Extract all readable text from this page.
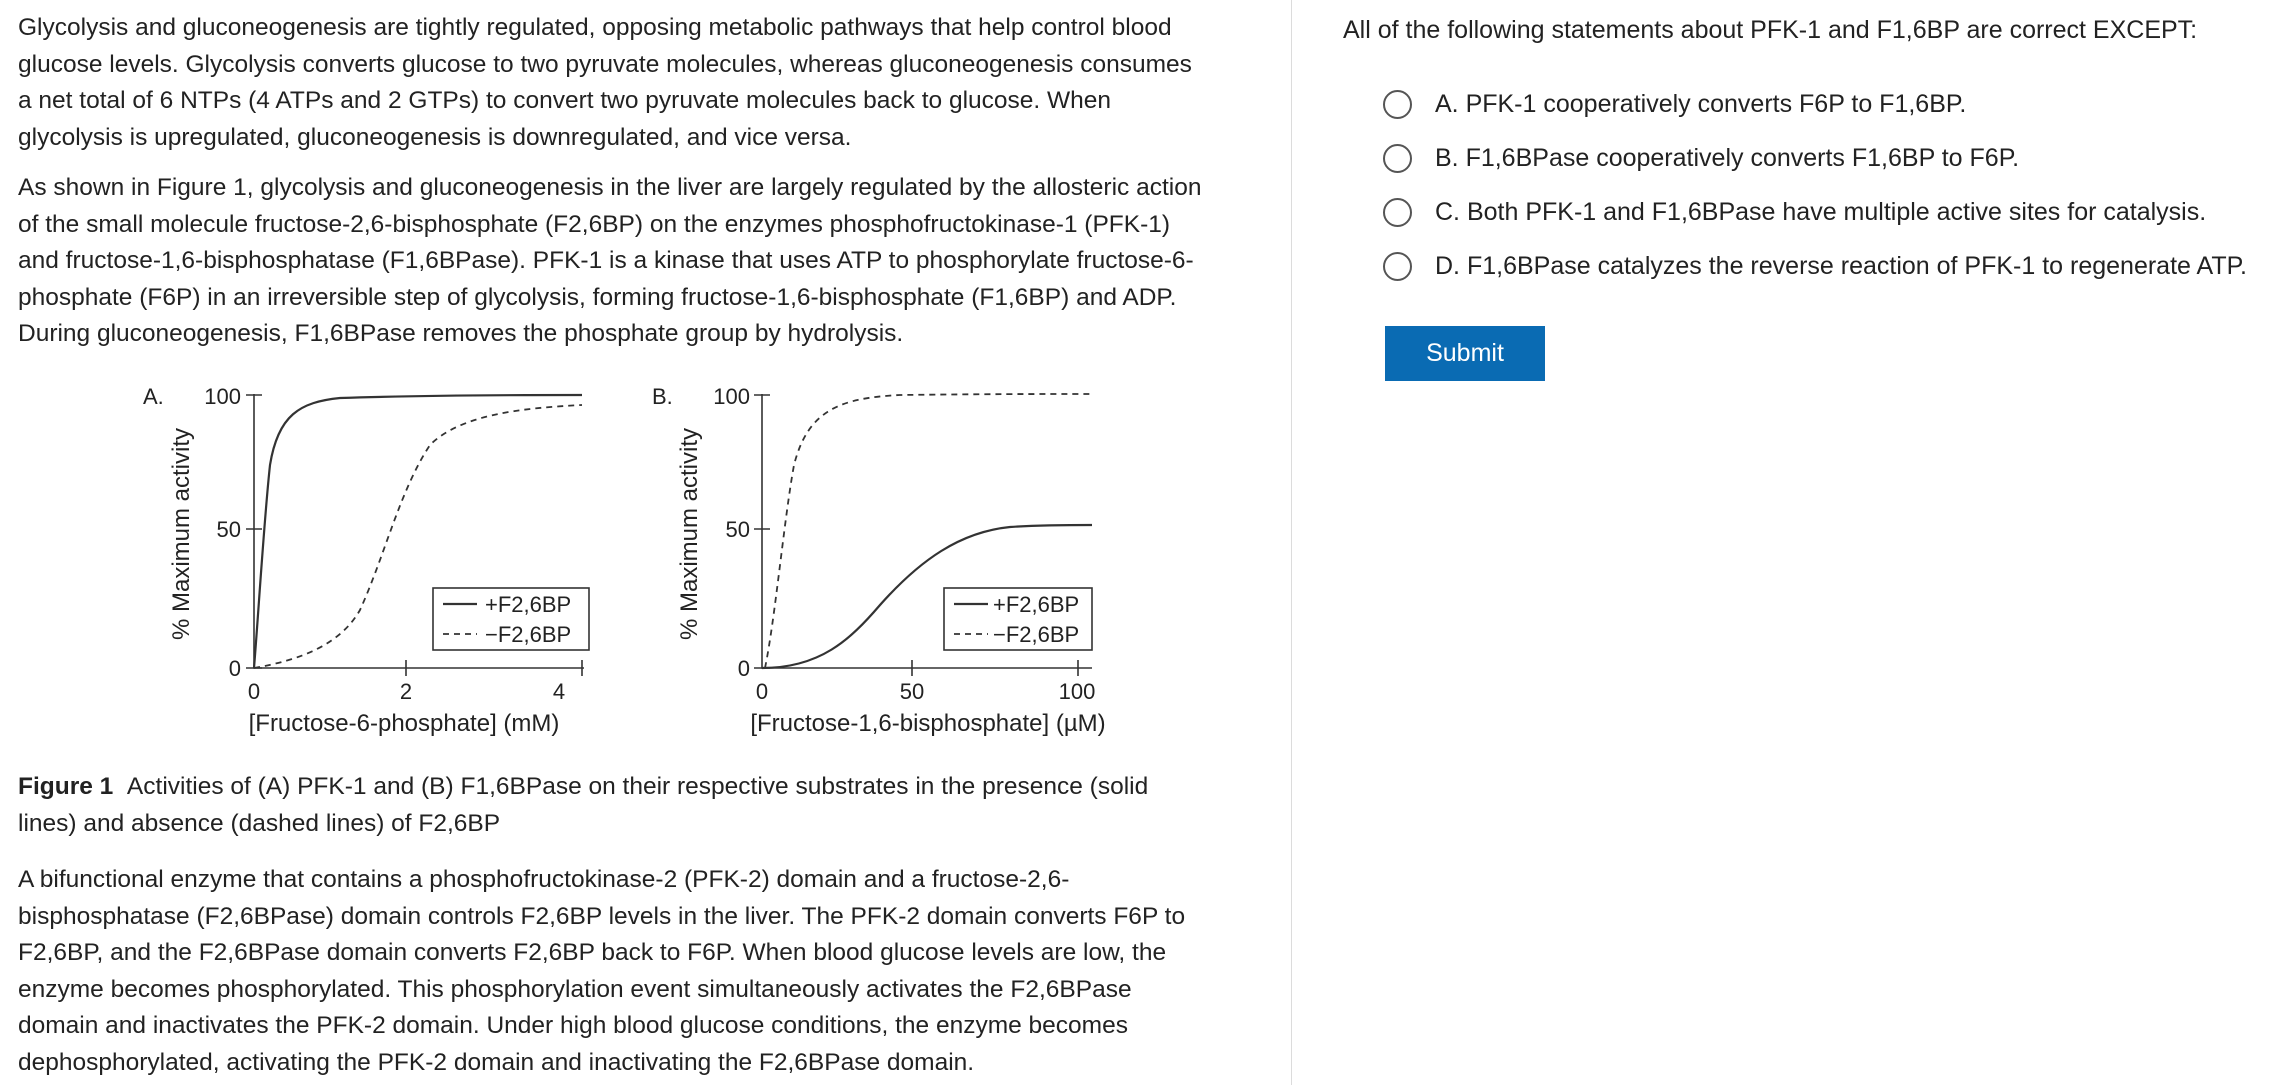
Glycolysis and gluconeogenesis are tightly regulated, opposing metabolic pathways that help control blood
glucose levels. Glycolysis converts glucose to two pyruvate molecules, whereas gluconeogenesis consumes
a net total of 6 NTPs (4 ATPs and 2 GTPs) to convert two pyruvate molecules back to glucose. When
glycolysis is upregulated, gluconeogenesis is downregulated, and vice versa.

As shown in Figure 1, glycolysis and gluconeogenesis in the liver are largely regulated by the allosteric action
of the small molecule fructose-2,6-bisphosphate (F2,6BP) on the enzymes phosphofructokinase-1 (PFK-1)
and fructose-1,6-bisphosphatase (F1,6BPase). PFK-1 is a kinase that uses ATP to phosphorylate fructose-6-
phosphate (F6P) in an irreversible step of glycolysis, forming fructose-1,6-bisphosphate (F1,6BP) and ADP.
During gluconeogenesis, F1,6BPase removes the phosphate group by hydrolysis.

A. 100
50
0
% Maximum activity
0	2	4
[Fructose-6-phosphate] (mM)
+F2,6BP
−F2,6BP
B. 100
50
0
% Maximum activity
0	50	100
[Fructose-1,6-bisphosphate] (µM)
+F2,6BP
−F2,6BP

Figure 1 Activities of (A) PFK-1 and (B) F1,6BPase on their respective substrates in the presence (solid
lines) and absence (dashed lines) of F2,6BP

A bifunctional enzyme that contains a phosphofructokinase-2 (PFK-2) domain and a fructose-2,6-
bisphosphatase (F2,6BPase) domain controls F2,6BP levels in the liver. The PFK-2 domain converts F6P to
F2,6BP, and the F2,6BPase domain converts F2,6BP back to F6P. When blood glucose levels are low, the
enzyme becomes phosphorylated. This phosphorylation event simultaneously activates the F2,6BPase
domain and inactivates the PFK-2 domain. Under high blood glucose conditions, the enzyme becomes
dephosphorylated, activating the PFK-2 domain and inactivating the F2,6BPase domain.

All of the following statements about PFK-1 and F1,6BP are correct EXCEPT:

A. PFK-1 cooperatively converts F6P to F1,6BP.
B. F1,6BPase cooperatively converts F1,6BP to F6P.
C. Both PFK-1 and F1,6BPase have multiple active sites for catalysis.
D. F1,6BPase catalyzes the reverse reaction of PFK-1 to regenerate ATP.
Submit
